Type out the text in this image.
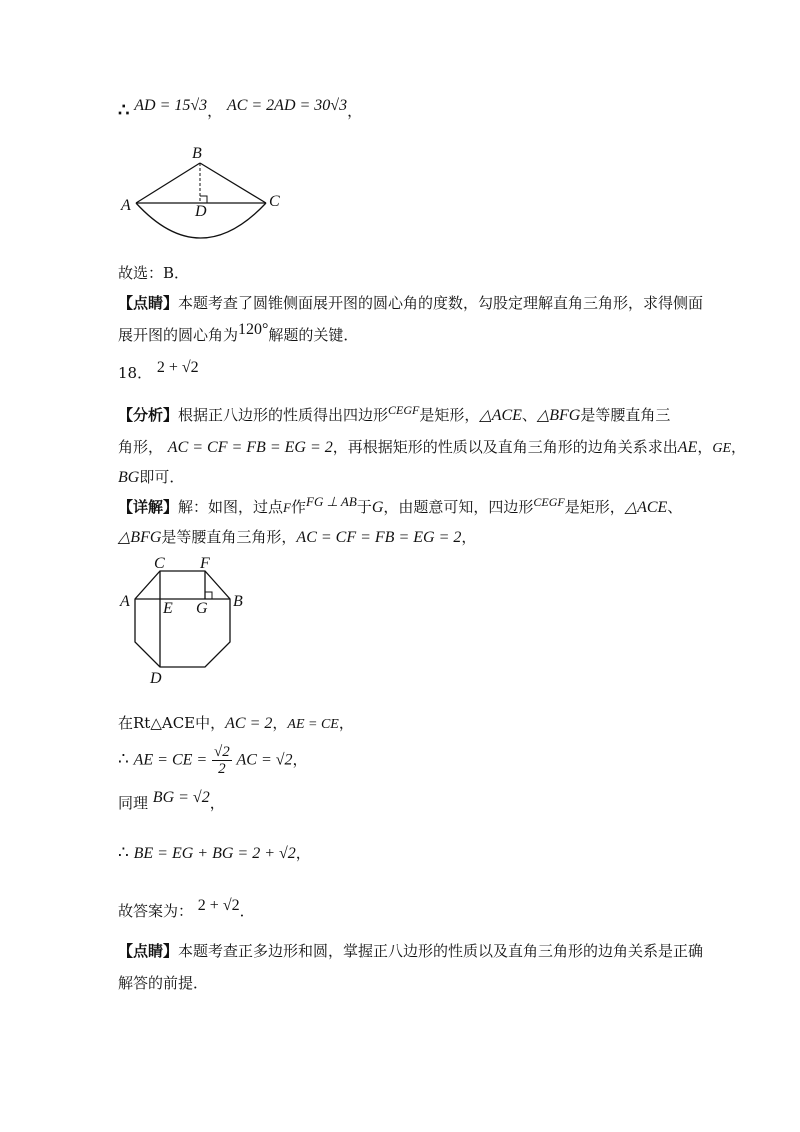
∴ AD = 15√3， AC = 2AD = 30√3，
A
B
C
D
故选：B．
【点睛】本题考查了圆锥侧面展开图的圆心角的度数，勾股定理解直角三角形，求得侧面
展开图的圆心角为120°解题的关键．
18． 2 + √2
【分析】根据正八边形的性质得出四边形$^{CEGF}$是矩形，△ACE、△BFG是等腰直角三
角形， AC = CF = FB = EG = 2，再根据矩形的性质以及直角三角形的边角关系求出AE，GE，
BG即可．
【详解】解：如图，过点F作FG ⊥ AB于G，由题意可知，四边形$^{CEGF}$是矩形，△ACE、
△BFG是等腰直角三角形，AC = CF = FB = EG = 2，
A	B
C F
E G
D
在Rt△ACE中，AC = 2，AE = CE，
∴ AE = CE = $\frac{√2}{2}$ AC = √2，
同理 BG = √2，
∴ BE = EG + BG = 2 + √2，
故答案为： 2 + √2．
【点睛】本题考查正多边形和圆，掌握正八边形的性质以及直角三角形的边角关系是正确
解答的前提．
